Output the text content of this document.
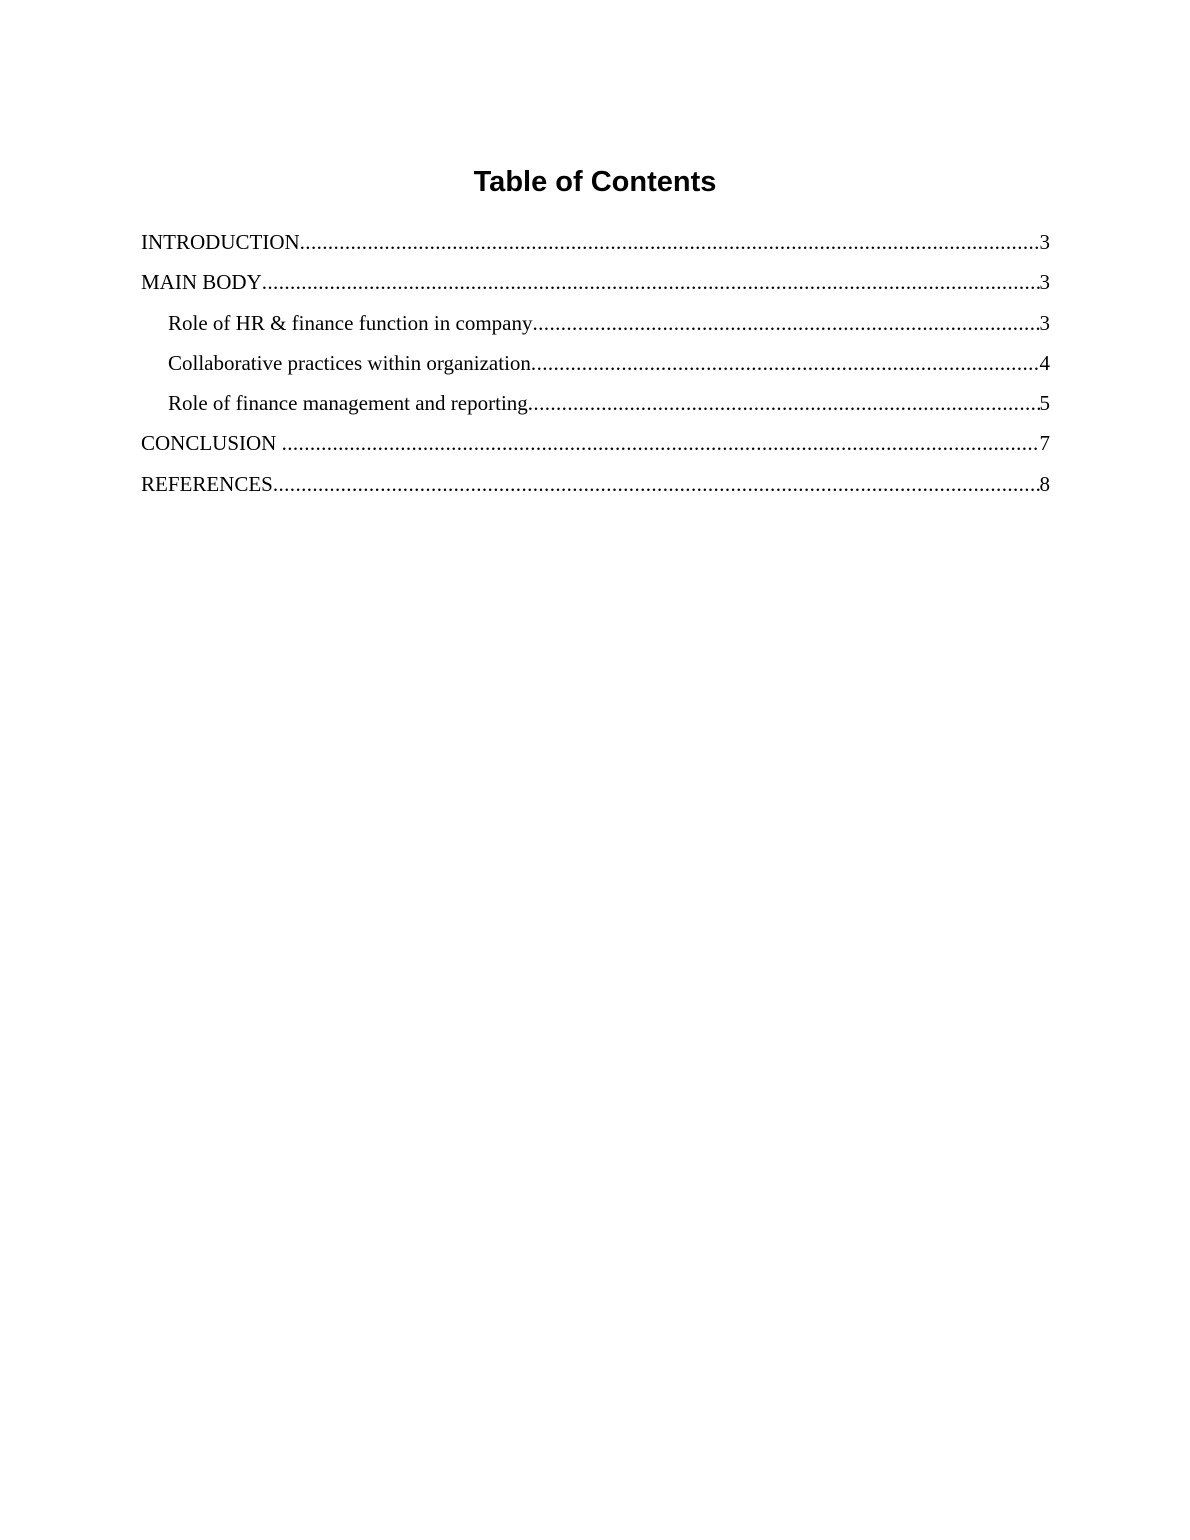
Table of Contents
INTRODUCTION .....	3
MAIN BODY .....	3
Role of HR & finance function in company .....	3
Collaborative practices within organization .....	4
Role of finance management and reporting .....	5
CONCLUSION .....	7
REFERENCES .....	8
